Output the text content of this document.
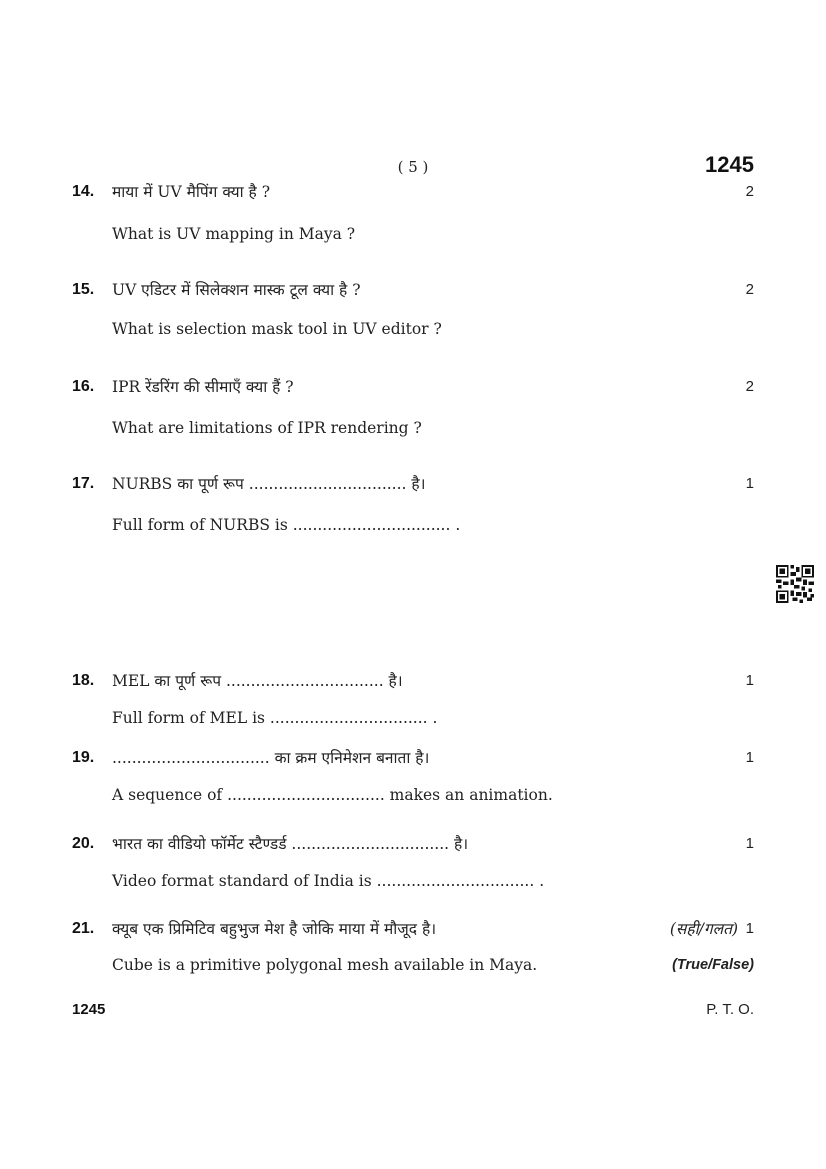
( 5 )	1245
14. माया में UV मैपिंग क्या है ?	2
What is UV mapping in Maya ?
15. UV एडिटर में सिलेक्शन मास्क टूल क्या है ?	2
What is selection mask tool in UV editor ?
16. IPR रेंडरिंग की सीमाएँ क्या हैं ?	2
What are limitations of IPR rendering ?
17. NURBS का पूर्ण रूप ................................ है।	1
Full form of NURBS is ................................ .
18. MEL का पूर्ण रूप ................................ है।	1
Full form of MEL is ................................ .
19. ................................ का क्रम एनिमेशन बनाता है।	1
A sequence of ................................ makes an animation.
20. भारत का वीडियो फॉर्मेट स्टैण्डर्ड ................................ है।	1
Video format standard of India is ................................ .
21. क्यूब एक प्रिमिटिव बहुभुज मेश है जोकि माया में मौजूद है।	(सही/गलत) 1
Cube is a primitive polygonal mesh available in Maya.	(True/False)
1245	P. T. O.
